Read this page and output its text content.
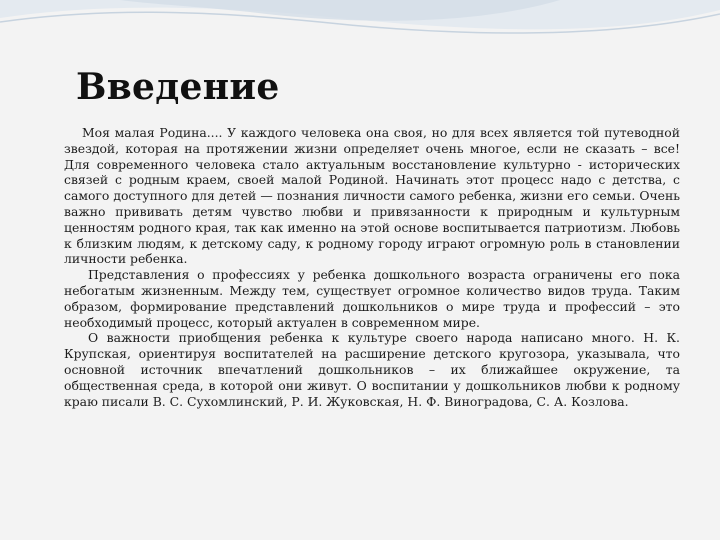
Введение

Моя малая Родина.... У каждого человека она своя, но для всех является той путеводной звездой, которая на протяжении жизни определяет очень многое, если не сказать – все! Для современного человека стало актуальным восстановление культурно - исторических связей с родным краем, своей малой Родиной. Начинать этот процесс надо с детства, с самого доступного для детей — познания личности самого ребенка, жизни его семьи. Очень важно прививать детям чувство любви и привязанности к природным и культурным ценностям родного края, так как именно на этой основе воспитывается патриотизм. Любовь к близким людям, к детскому саду, к родному городу играют огромную роль в становлении личности ребенка.

Представления о профессиях у ребенка дошкольного возраста ограничены его пока небогатым жизненным. Между тем, существует огромное количество видов труда. Таким образом, формирование представлений дошкольников о мире труда и профессий – это необходимый процесс, который актуален в современном мире.

О важности приобщения ребенка к культуре своего народа написано много. Н. К. Крупская, ориентируя воспитателей на расширение детского кругозора, указывала, что основной источник впечатлений дошкольников – их ближайшее окружение, та общественная среда, в которой они живут. О воспитании у дошкольников любви к родному краю писали В. С. Сухомлинский, Р. И. Жуковская, Н. Ф. Виноградова, С. А. Козлова.
